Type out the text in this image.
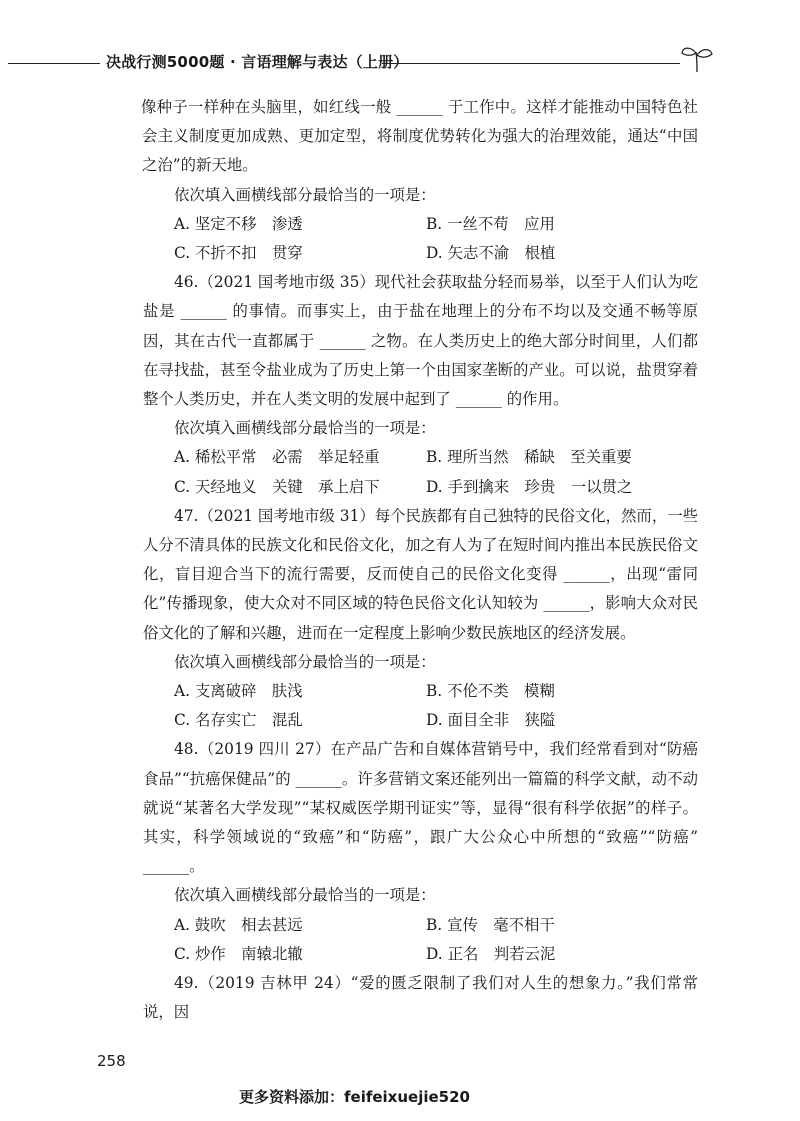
决战行测5000题 · 言语理解与表达（上册）

像种子一样种在头脑里，如红线一般 ______ 于工作中。这样才能推动中国特色社会主义制度更加成熟、更加定型，将制度优势转化为强大的治理效能，通达“中国之治”的新天地。

依次填入画横线部分最恰当的一项是：

A. 坚定不移　渗透	B. 一丝不苟　应用
C. 不折不扣　贯穿	D. 矢志不渝　根植

46.（2021 国考地市级 35）现代社会获取盐分轻而易举，以至于人们认为吃盐是 ______ 的事情。而事实上，由于盐在地理上的分布不均以及交通不畅等原因，其在古代一直都属于 ______ 之物。在人类历史上的绝大部分时间里，人们都在寻找盐，甚至令盐业成为了历史上第一个由国家垄断的产业。可以说，盐贯穿着整个人类历史，并在人类文明的发展中起到了 ______ 的作用。

依次填入画横线部分最恰当的一项是：

A. 稀松平常　必需　举足轻重	B. 理所当然　稀缺　至关重要
C. 天经地义　关键　承上启下	D. 手到擒来　珍贵　一以贯之

47.（2021 国考地市级 31）每个民族都有自己独特的民俗文化，然而，一些人分不清具体的民族文化和民俗文化，加之有人为了在短时间内推出本民族民俗文化，盲目迎合当下的流行需要，反而使自己的民俗文化变得 ______，出现“雷同化”传播现象，使大众对不同区域的特色民俗文化认知较为 ______，影响大众对民俗文化的了解和兴趣，进而在一定程度上影响少数民族地区的经济发展。

依次填入画横线部分最恰当的一项是：

A. 支离破碎　肤浅	B. 不伦不类　模糊
C. 名存实亡　混乱	D. 面目全非　狭隘

48.（2019 四川 27）在产品广告和自媒体营销号中，我们经常看到对“防癌食品”“抗癌保健品”的 ______。许多营销文案还能列出一篇篇的科学文献，动不动就说“某著名大学发现”“某权威医学期刊证实”等，显得“很有科学依据”的样子。其实，科学领域说的“致癌”和“防癌”，跟广大公众心中所想的“致癌”“防癌” ______。

依次填入画横线部分最恰当的一项是：

A. 鼓吹　相去甚远	B. 宣传　毫不相干
C. 炒作　南辕北辙	D. 正名　判若云泥

49.（2019 吉林甲 24）“爱的匮乏限制了我们对人生的想象力。”我们常常说，因

258
更多资料添加：feifeixuejie520
